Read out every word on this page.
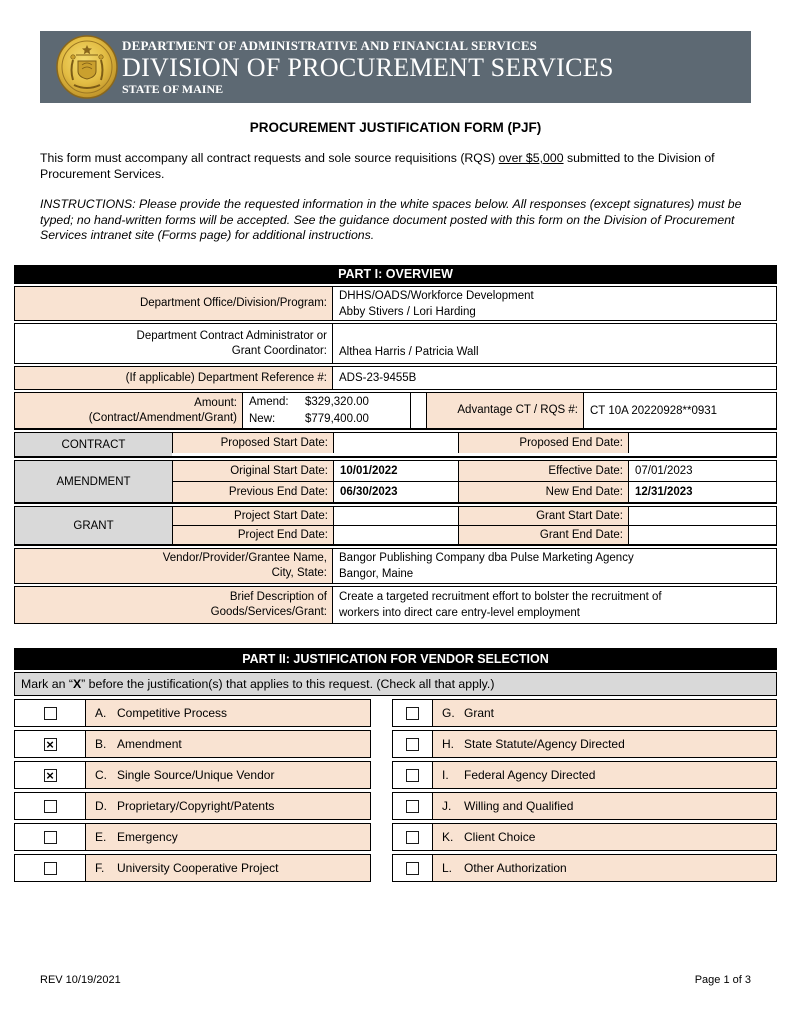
DEPARTMENT OF ADMINISTRATIVE AND FINANCIAL SERVICES
DIVISION OF PROCUREMENT SERVICES
STATE OF MAINE
PROCUREMENT JUSTIFICATION FORM (PJF)
This form must accompany all contract requests and sole source requisitions (RQS) over $5,000 submitted to the Division of Procurement Services.
INSTRUCTIONS: Please provide the requested information in the white spaces below. All responses (except signatures) must be typed; no hand-written forms will be accepted. See the guidance document posted with this form on the Division of Procurement Services intranet site (Forms page) for additional instructions.
PART I: OVERVIEW
Department Office/Division/Program:
DHHS/OADS/Workforce Development
Abby Stivers / Lori Harding
Department Contract Administrator or
Grant Coordinator: Althea Harris / Patricia Wall
(If applicable) Department Reference #:	ADS-23-9455B
Amount:
(Contract/Amendment/Grant)
Amend:	$329,320.00
New:	$779,400.00
Advantage CT / RQS #:	CT 10A 20220928**0931
CONTRACT	Proposed Start Date:	Proposed End Date:
AMENDMENT
Original Start Date:	10/01/2022	Effective Date:	07/01/2023
Previous End Date:	06/30/2023	New End Date:	12/31/2023
GRANT
Project Start Date:	Grant Start Date:
Project End Date:	Grant End Date:
Vendor/Provider/Grantee Name,
City, State:
Bangor Publishing Company dba Pulse Marketing Agency
Bangor, Maine
Brief Description of
Goods/Services/Grant:
Create a targeted recruitment effort to bolster the recruitment of
workers into direct care entry-level employment
PART II: JUSTIFICATION FOR VENDOR SELECTION
Mark an “X” before the justification(s) that applies to this request. (Check all that apply.)
A. Competitive Process	G. Grant
×	B. Amendment	H. State Statute/Agency Directed
×	C. Single Source/Unique Vendor	I.	Federal Agency Directed
D. Proprietary/Copyright/Patents	J.	Willing and Qualified
E. Emergency	K. Client Choice
F.	University Cooperative Project	L. Other Authorization
REV 10/19/2021	Page 1 of 3
